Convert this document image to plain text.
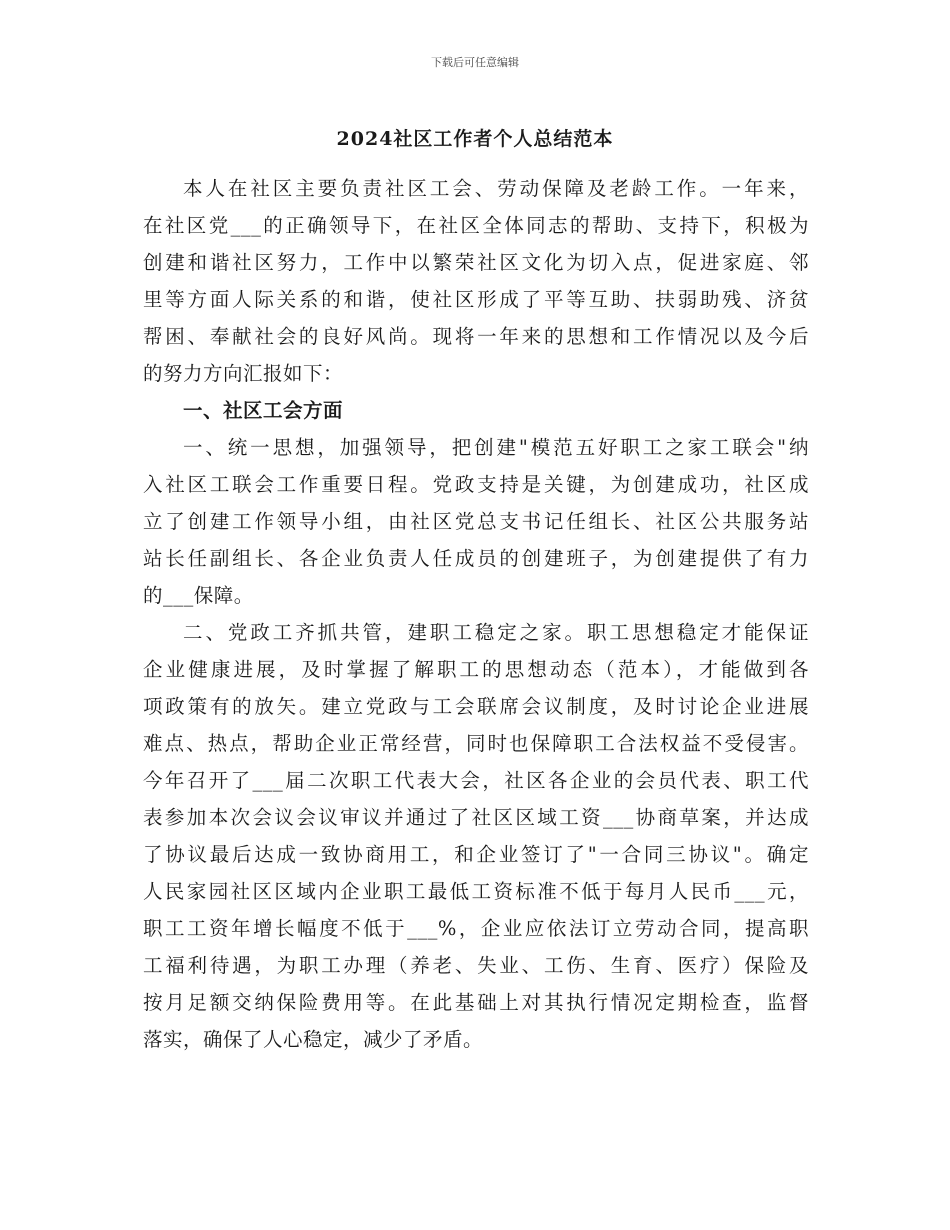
下载后可任意编辑
2024社区工作者个人总结范本
本人在社区主要负责社区工会、劳动保障及老龄工作。一年来，
在社区党___的正确领导下，在社区全体同志的帮助、支持下，积极为
创建和谐社区努力，工作中以繁荣社区文化为切入点，促进家庭、邻
里等方面人际关系的和谐，使社区形成了平等互助、扶弱助残、济贫
帮困、奉献社会的良好风尚。现将一年来的思想和工作情况以及今后
的努力方向汇报如下：
一、社区工会方面
一、统一思想，加强领导，把创建"模范五好职工之家工联会"纳
入社区工联会工作重要日程。党政支持是关键，为创建成功，社区成
立了创建工作领导小组，由社区党总支书记任组长、社区公共服务站
站长任副组长、各企业负责人任成员的创建班子，为创建提供了有力
的___保障。
二、党政工齐抓共管，建职工稳定之家。职工思想稳定才能保证
企业健康进展，及时掌握了解职工的思想动态（范本），才能做到各
项政策有的放矢。建立党政与工会联席会议制度，及时讨论企业进展
难点、热点，帮助企业正常经营，同时也保障职工合法权益不受侵害。
今年召开了___届二次职工代表大会，社区各企业的会员代表、职工代
表参加本次会议会议审议并通过了社区区域工资___协商草案，并达成
了协议最后达成一致协商用工，和企业签订了"一合同三协议"。确定
人民家园社区区域内企业职工最低工资标准不低于每月人民币___元，
职工工资年增长幅度不低于___%，企业应依法订立劳动合同，提高职
工福利待遇，为职工办理（养老、失业、工伤、生育、医疗）保险及
按月足额交纳保险费用等。在此基础上对其执行情况定期检查，监督
落实，确保了人心稳定，减少了矛盾。
